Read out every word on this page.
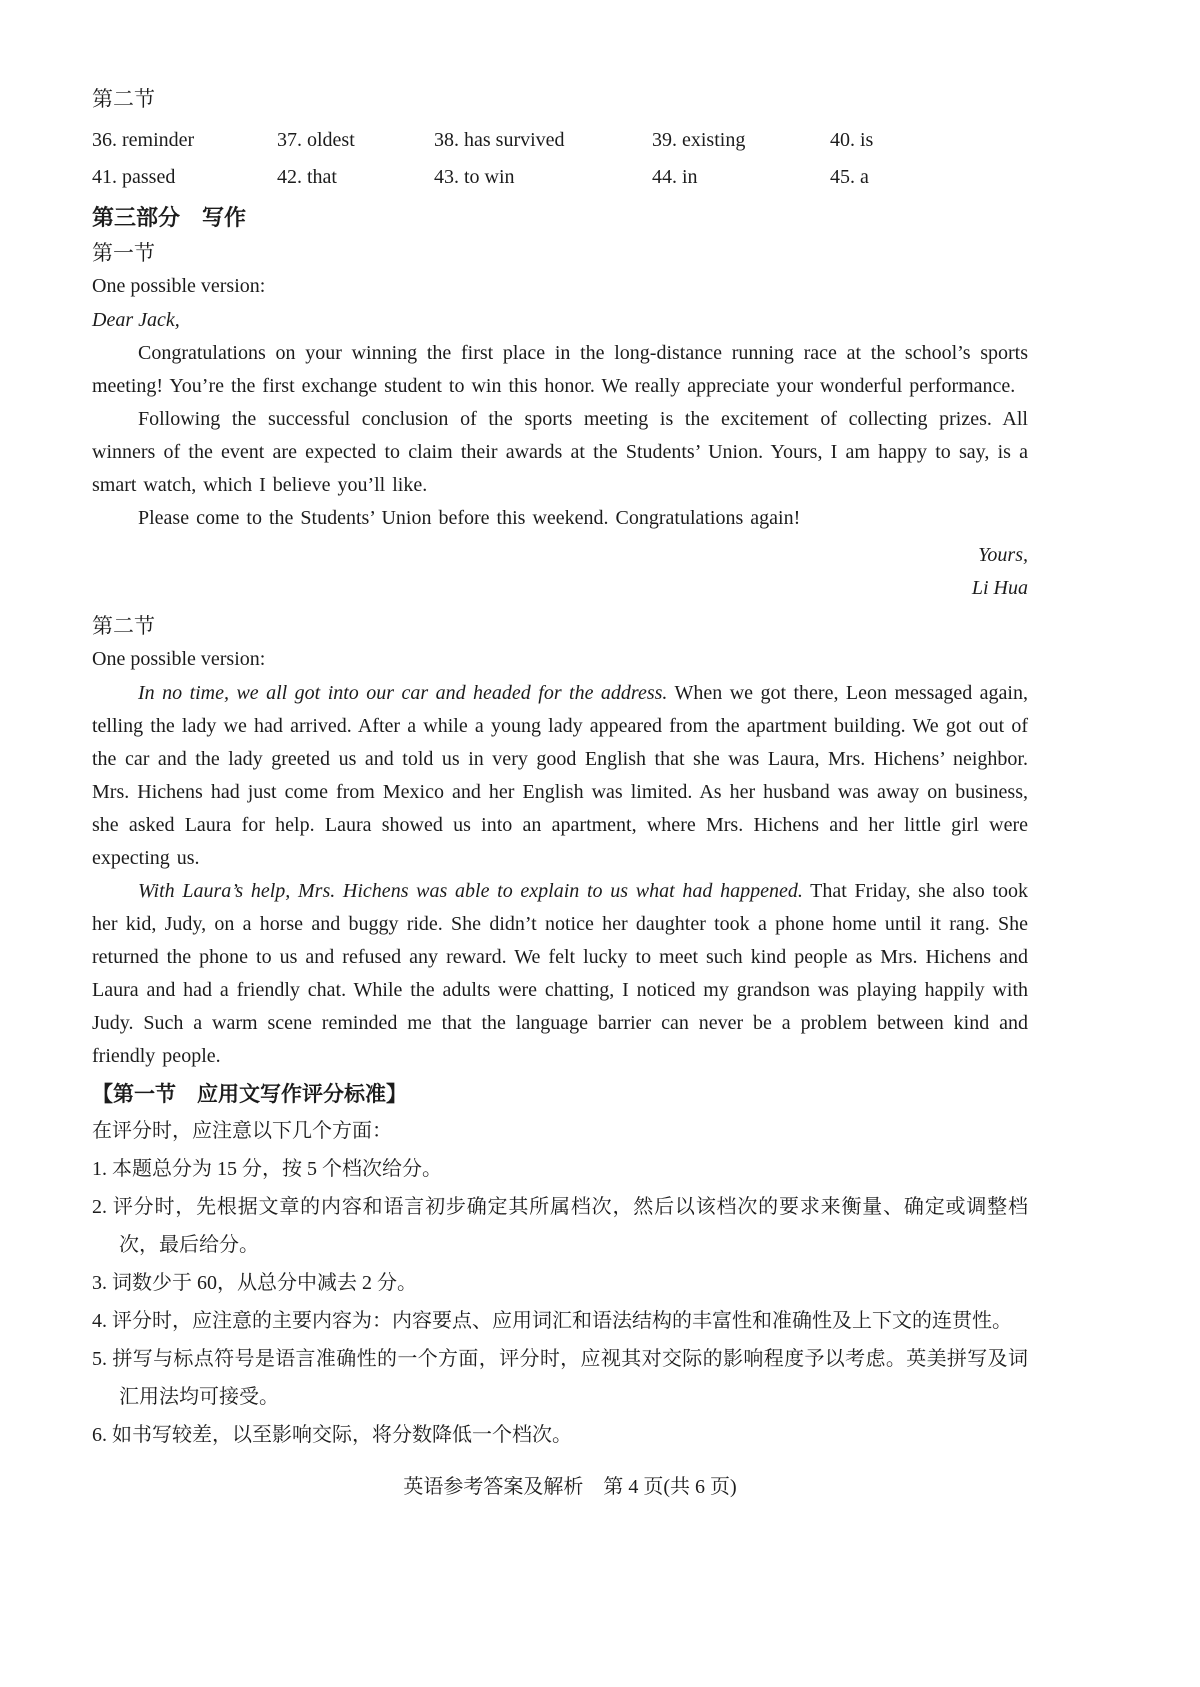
第二节
36. reminder	37. oldest	38. has survived	39. existing	40. is
41. passed	42. that	43. to win	44. in	45. a
第三部分　写作
第一节
One possible version:

Dear Jack,

Congratulations on your winning the first place in the long-distance running race at the school’s sports meeting! You’re the first exchange student to win this honor. We really appreciate your wonderful performance.

Following the successful conclusion of the sports meeting is the excitement of collecting prizes. All winners of the event are expected to claim their awards at the Students’ Union. Yours, I am happy to say, is a smart watch, which I believe you’ll like.

Please come to the Students’ Union before this weekend. Congratulations again!

Yours,

Li Hua

第二节
One possible version:

In no time, we all got into our car and headed for the address. When we got there, Leon messaged again, telling the lady we had arrived. After a while a young lady appeared from the apartment building. We got out of the car and the lady greeted us and told us in very good English that she was Laura, Mrs. Hichens’ neighbor. Mrs. Hichens had just come from Mexico and her English was limited. As her husband was away on business, she asked Laura for help. Laura showed us into an apartment, where Mrs. Hichens and her little girl were expecting us.

With Laura’s help, Mrs. Hichens was able to explain to us what had happened. That Friday, she also took her kid, Judy, on a horse and buggy ride. She didn’t notice her daughter took a phone home until it rang. She returned the phone to us and refused any reward. We felt lucky to meet such kind people as Mrs. Hichens and Laura and had a friendly chat. While the adults were chatting, I noticed my grandson was playing happily with Judy. Such a warm scene reminded me that the language barrier can never be a problem between kind and friendly people.

【第一节　应用文写作评分标准】

在评分时，应注意以下几个方面：

1. 本题总分为 15 分，按 5 个档次给分。

2. 评分时，先根据文章的内容和语言初步确定其所属档次，然后以该档次的要求来衡量、确定或调整档次，最后给分。

3. 词数少于 60，从总分中减去 2 分。

4. 评分时，应注意的主要内容为：内容要点、应用词汇和语法结构的丰富性和准确性及上下文的连贯性。

5. 拼写与标点符号是语言准确性的一个方面，评分时，应视其对交际的影响程度予以考虑。英美拼写及词汇用法均可接受。

6. 如书写较差，以至影响交际，将分数降低一个档次。

英语参考答案及解析　第 4 页(共 6 页)
